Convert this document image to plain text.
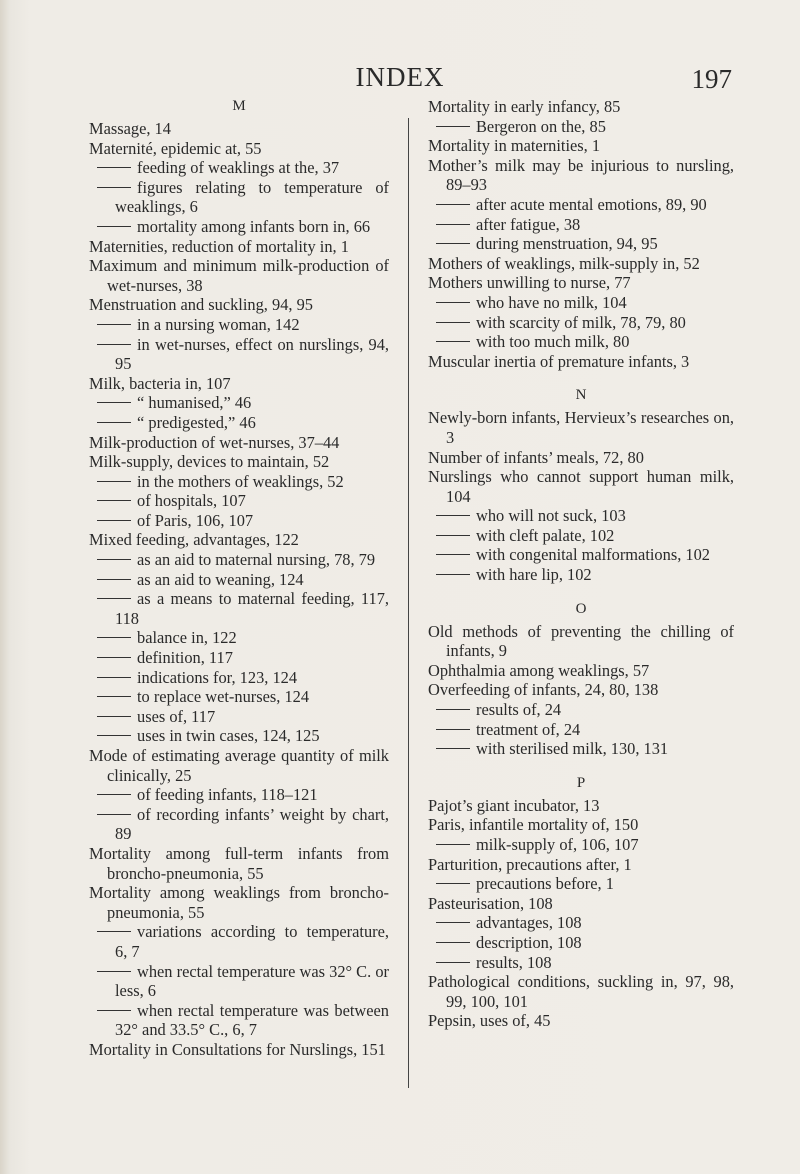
INDEX	197
M
Massage, 14
Maternité, epidemic at, 55
feeding of weaklings at the, 37
figures relating to temperature of weaklings, 6
mortality among infants born in, 66
Maternities, reduction of mortality in, 1
Maximum and minimum milk-production of wet-nurses, 38
Menstruation and suckling, 94, 95
in a nursing woman, 142
in wet-nurses, effect on nurslings, 94, 95
Milk, bacteria in, 107
“ humanised,” 46
“ predigested,” 46
Milk-production of wet-nurses, 37–44
Milk-supply, devices to maintain, 52
in the mothers of weaklings, 52
of hospitals, 107
of Paris, 106, 107
Mixed feeding, advantages, 122
as an aid to maternal nursing, 78, 79
as an aid to weaning, 124
as a means to maternal feeding, 117, 118
balance in, 122
definition, 117
indications for, 123, 124
to replace wet-nurses, 124
uses of, 117
uses in twin cases, 124, 125
Mode of estimating average quantity of milk clinically, 25
of feeding infants, 118–121
of recording infants’ weight by chart, 89
Mortality among full-term infants from broncho-pneumonia, 55
Mortality among weaklings from broncho-pneumonia, 55
variations according to temperature, 6, 7
when rectal temperature was 32° C. or less, 6
when rectal temperature was between 32° and 33.5° C., 6, 7
Mortality in Consultations for Nurslings, 151
Mortality in early infancy, 85
Bergeron on the, 85
Mortality in maternities, 1
Mother’s milk may be injurious to nursling, 89–93
after acute mental emotions, 89, 90
after fatigue, 38
during menstruation, 94, 95
Mothers of weaklings, milk-supply in, 52
Mothers unwilling to nurse, 77
who have no milk, 104
with scarcity of milk, 78, 79, 80
with too much milk, 80
Muscular inertia of premature infants, 3
N
Newly-born infants, Hervieux’s researches on, 3
Number of infants’ meals, 72, 80
Nurslings who cannot support human milk, 104
who will not suck, 103
with cleft palate, 102
with congenital malformations, 102
with hare lip, 102
O
Old methods of preventing the chilling of infants, 9
Ophthalmia among weaklings, 57
Overfeeding of infants, 24, 80, 138
results of, 24
treatment of, 24
with sterilised milk, 130, 131
P
Pajot’s giant incubator, 13
Paris, infantile mortality of, 150
milk-supply of, 106, 107
Parturition, precautions after, 1
precautions before, 1
Pasteurisation, 108
advantages, 108
description, 108
results, 108
Pathological conditions, suckling in, 97, 98, 99, 100, 101
Pepsin, uses of, 45
